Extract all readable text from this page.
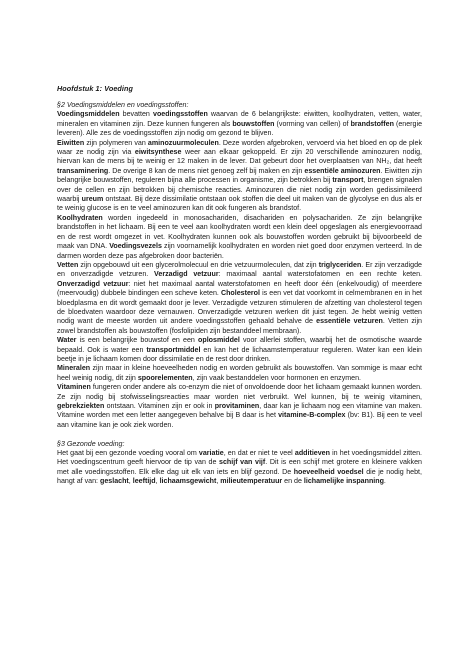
Hoofdstuk 1: Voeding
§2 Voedingsmiddelen en voedingsstoffen:
Voedingsmiddelen bevatten voedingsstoffen waarvan de 6 belangrijkste: eiwitten, koolhydraten, vetten, water, mineralen en vitaminen zijn. Deze kunnen fungeren als bouwstoffen (vorming van cellen) of brandstoffen (energie leveren). Alle zes de voedingsstoffen zijn nodig om gezond te blijven.
Eiwitten zijn polymeren van aminozuurmoleculen. Deze worden afgebroken, vervoerd via het bloed en op de plek waar ze nodig zijn via eiwitsynthese weer aan elkaar gekoppeld. Er zijn 20 verschillende aminozuren nodig, hiervan kan de mens bij te weinig er 12 maken in de lever. Dat gebeurt door het overplaatsen van NH₂, dat heeft transaminering. De overige 8 kan de mens niet genoeg zelf bij maken en zijn essentiële aminozuren. Eiwitten zijn belangrijke bouwstoffen, reguleren bijna alle processen in organisme, zijn betrokken bij transport, brengen signalen over de cellen en zijn betrokken bij chemische reacties. Aminozuren die niet nodig zijn worden gedissimileerd waarbij ureum ontstaat. Bij deze dissimilatie ontstaan ook stoffen die deel uit maken van de glycolyse en dus als er te weinig glucose is en te veel aminozuren kan dit ook fungeren als brandstof.
Koolhydraten worden ingedeeld in monosachariden, disachariden en polysachariden. Ze zijn belangrijke brandstoffen in het lichaam. Bij een te veel aan koolhydraten wordt een klein deel opgeslagen als energievoorraad en de rest wordt omgezet in vet. Koolhydraten kunnen ook als bouwstoffen worden gebruikt bij bijvoorbeeld de maak van DNA. Voedingsvezels zijn voornamelijk koolhydraten en worden niet goed door enzymen verteerd. In de darmen worden deze pas afgebroken door bacteriën.
Vetten zijn opgebouwd uit een glycerolmolecuul en drie vetzuurmoleculen, dat zijn triglyceriden. Er zijn verzadigde en onverzadigde vetzuren. Verzadigd vetzuur: maximaal aantal waterstofatomen en een rechte keten. Onverzadigd vetzuur: niet het maximaal aantal waterstofatomen en heeft door één (enkelvoudig) of meerdere (meervoudig) dubbele bindingen een scheve keten. Cholesterol is een vet dat voorkomt in celmembranen en in het bloedplasma en dit wordt gemaakt door je lever. Verzadigde vetzuren stimuleren de afzetting van cholesterol tegen de bloedvaten waardoor deze vernauwen. Onverzadigde vetzuren werken dit juist tegen. Je hebt weinig vetten nodig want de meeste worden uit andere voedingsstoffen gehaald behalve de essentiële vetzuren. Vetten zijn zowel brandstoffen als bouwstoffen (fosfolipiden zijn bestanddeel membraan).
Water is een belangrijke bouwstof en een oplosmiddel voor allerlei stoffen, waarbij het de osmotische waarde bepaald. Ook is water een transportmiddel en kan het de lichaamstemperatuur reguleren. Water kan een klein beetje in je lichaam komen door dissimilatie en de rest door drinken.
Mineralen zijn maar in kleine hoeveelheden nodig en worden gebruikt als bouwstoffen. Van sommige is maar echt heel weinig nodig, dit zijn spoorelementen, zijn vaak bestanddelen voor hormonen en enzymen.
Vitaminen fungeren onder andere als co-enzym die niet of onvoldoende door het lichaam gemaakt kunnen worden. Ze zijn nodig bij stofwisselingsreacties maar worden niet verbruikt. Wel kunnen, bij te weinig vitaminen, gebrekziekten ontstaan. Vitaminen zijn er ook in provitaminen, daar kan je lichaam nog een vitamine van maken. Vitamine worden met een letter aangegeven behalve bij B daar is het vitamine-B-complex (bv: B1). Bij een te veel aan vitamine kan je ook ziek worden.
§3 Gezonde voeding:
Het gaat bij een gezonde voeding vooral om variatie, en dat er niet te veel additieven in het voedingsmiddel zitten. Het voedingscentrum geeft hiervoor de tip van de schijf van vijf. Dit is een schijf met grotere en kleinere vakken met alle voedingsstoffen. Elk elke dag uit elk van iets en blijf gezond. De hoeveelheid voedsel die je nodig hebt, hangt af van: geslacht, leeftijd, lichaamsgewicht, milieutemperatuur en de lichamelijke inspanning.
